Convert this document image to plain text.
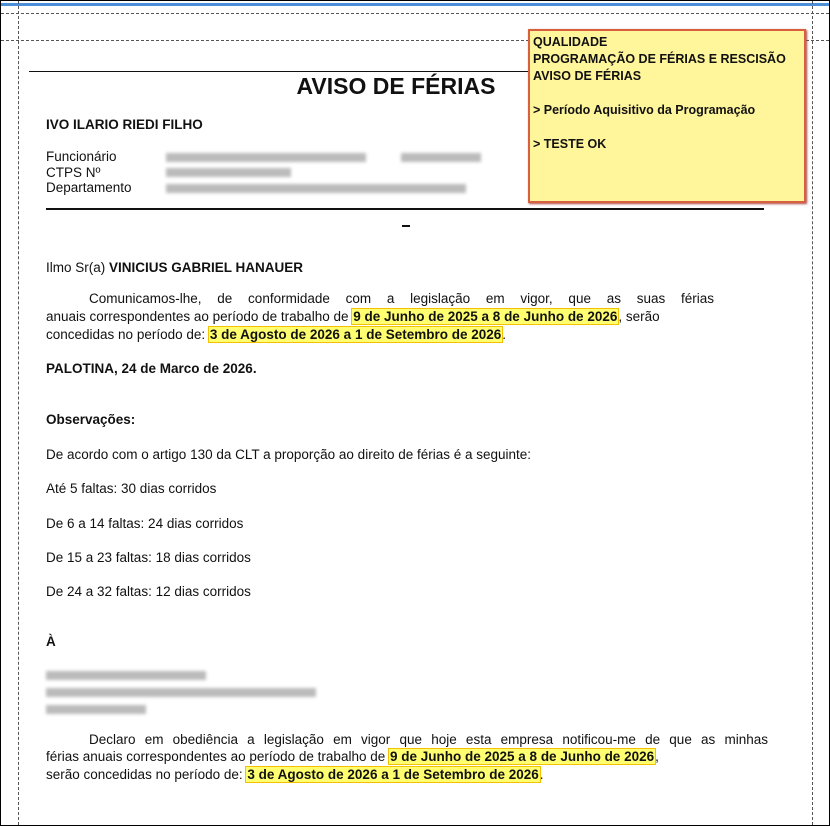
AVISO DE FÉRIAS
IVO ILARIO RIEDI FILHO
Funcionário
CTPS Nº
Departamento
Ilmo Sr(a) VINICIUS GABRIEL HANAUER
Comunicamos-lhe, de conformidade com a legislação em vigor, que as suas férias
anuais correspondentes ao período de trabalho de 9 de Junho de 2025 a 8 de Junho de 2026, serão
concedidas no período de: 3 de Agosto de 2026 a 1 de Setembro de 2026.
PALOTINA, 24 de Marco de 2026.
Observações:
De acordo com o artigo 130 da CLT a proporção ao direito de férias é a seguinte:
Até 5 faltas: 30 dias corridos
De 6 a 14 faltas: 24 dias corridos
De 15 a 23 faltas: 18 dias corridos
De 24 a 32 faltas: 12 dias corridos
À
Declaro em obediência a legislação em vigor que hoje esta empresa notificou-me de que as minhas
férias anuais correspondentes ao período de trabalho de 9 de Junho de 2025 a 8 de Junho de 2026,
serão concedidas no período de: 3 de Agosto de 2026 a 1 de Setembro de 2026.
QUALIDADE
PROGRAMAÇÃO DE FÉRIAS E RESCISÃO
AVISO DE FÉRIAS
> Período Aquisitivo da Programação
> TESTE OK
